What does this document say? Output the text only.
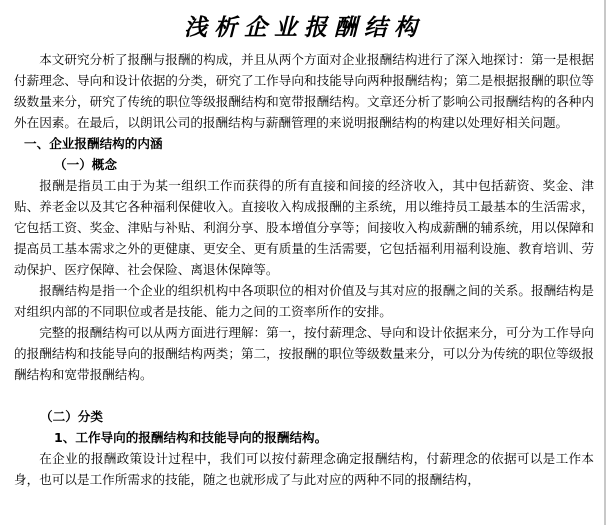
浅析企业报酬结构

本文研究分析了报酬与报酬的构成，并且从两个方面对企业报酬结构进行了深入地探讨：第一是根据付薪理念、导向和设计依据的分类，研究了工作导向和技能导向两种报酬结构；第二是根据报酬的职位等级数量来分，研究了传统的职位等级报酬结构和宽带报酬结构。文章还分析了影响公司报酬结构的各种内外在因素。在最后，以朗讯公司的报酬结构与薪酬管理的来说明报酬结构的构建以处理好相关问题。

一、企业报酬结构的内涵
（一）概念

报酬是指员工由于为某一组织工作而获得的所有直接和间接的经济收入，其中包括薪资、奖金、津贴、养老金以及其它各种福利保健收入。直接收入构成报酬的主系统，用以维持员工最基本的生活需求，它包括工资、奖金、津贴与补贴、利润分享、股本增值分享等；间接收入构成薪酬的辅系统，用以保障和提高员工基本需求之外的更健康、更安全、更有质量的生活需要，它包括福利用福利设施、教育培训、劳动保护、医疗保障、社会保险、离退休保障等。

报酬结构是指一个企业的组织机构中各项职位的相对价值及与其对应的报酬之间的关系。报酬结构是对组织内部的不同职位或者是技能、能力之间的工资率所作的安排。

完整的报酬结构可以从两方面进行理解：第一，按付薪理念、导向和设计依据来分，可分为工作导向的报酬结构和技能导向的报酬结构两类；第二，按报酬的职位等级数量来分，可以分为传统的职位等级报酬结构和宽带报酬结构。

（二）分类
1、工作导向的报酬结构和技能导向的报酬结构。

在企业的报酬政策设计过程中，我们可以按付薪理念确定报酬结构，付薪理念的依据可以是工作本身，也可以是工作所需求的技能，随之也就形成了与此对应的两种不同的报酬结构，
